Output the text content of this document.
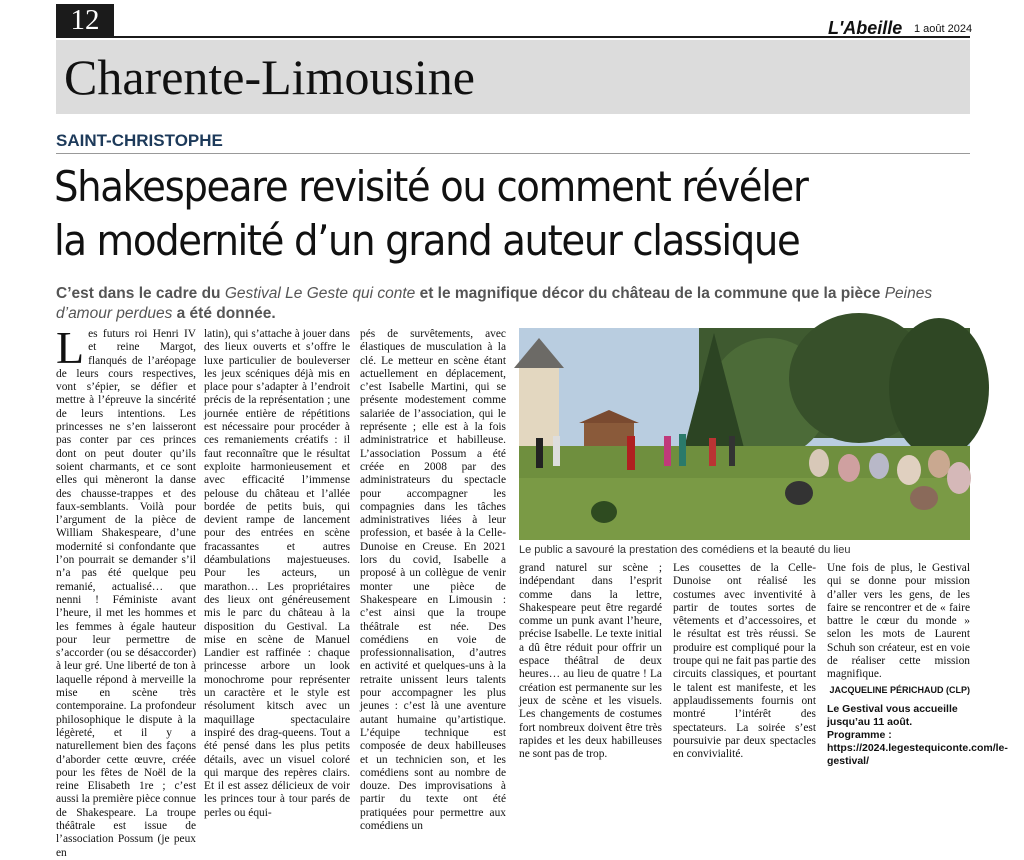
12	L'Abeille 1 août 2024
Charente-Limousine
SAINT-CHRISTOPHE
Shakespeare revisité ou comment révéler
la modernité d’un grand auteur classique

C’est dans le cadre du Gestival Le Geste qui conte et le magnifique décor du château de la commune que la pièce Peines d’amour perdues a été donnée.

Les futurs roi Henri IV et reine Margot, flanqués de l’aréopage de leurs cours respectives, vont s’épier, se défier et mettre à l’épreuve la sincérité de leurs intentions. Les princesses ne s’en laisseront pas conter par ces princes dont on peut douter qu’ils soient charmants, et ce sont elles qui mèneront la danse des chausse-trappes et des faux-semblants. Voilà pour l’argument de la pièce de William Shakespeare, d’une modernité si confondante que l’on pourrait se demander s’il n’a pas été quelque peu remanié, actualisé… que nenni ! Féministe avant l’heure, il met les hommes et les femmes à égale hauteur pour leur permettre de s’accorder (ou se désaccorder) à leur gré. Une liberté de ton à laquelle répond à merveille la mise en scène très contemporaine. La profondeur philosophique le dispute à la légèreté, et il y a naturellement bien des façons d’aborder cette œuvre, créée pour les fêtes de Noël de la reine Elisabeth 1re ; c’est aussi la première pièce connue de Shakespeare. La troupe théâtrale est issue de l’association Possum (je peux en
latin), qui s’attache à jouer dans des lieux ouverts et s’offre le luxe particulier de bouleverser les jeux scéniques déjà mis en place pour s’adapter à l’endroit précis de la représentation ; une journée entière de répétitions est nécessaire pour procéder à ces remaniements créatifs : il faut reconnaître que le résultat exploite harmonieusement et avec efficacité l’immense pelouse du château et l’allée bordée de petits buis, qui devient rampe de lancement pour des entrées en scène fracassantes et autres déambulations majestueuses. Pour les acteurs, un marathon… Les propriétaires des lieux ont généreusement mis le parc du château à la disposition du Gestival. La mise en scène de Manuel Landier est raffinée : chaque princesse arbore un look monochrome pour représenter un caractère et le style est résolument kitsch avec un maquillage spectaculaire inspiré des drag-queens. Tout a été pensé dans les plus petits détails, avec un visuel coloré qui marque des repères clairs. Et il est assez délicieux de voir les princes tour à tour parés de perles ou équi-
pés de survêtements, avec élastiques de musculation à la clé. Le metteur en scène étant actuellement en déplacement, c’est Isabelle Martini, qui se présente modestement comme salariée de l’association, qui le représente ; elle est à la fois administratrice et habilleuse. L’association Possum a été créée en 2008 par des administrateurs du spectacle pour accompagner les compagnies dans les tâches administratives liées à leur profession, et basée à la Celle-Dunoise en Creuse. En 2021 lors du covid, Isabelle a proposé à un collègue de venir monter une pièce de Shakespeare en Limousin : c’est ainsi que la troupe théâtrale est née. Des comédiens en voie de professionnalisation, d’autres en activité et quelques-uns à la retraite unissent leurs talents pour accompagner les plus jeunes : c’est là une aventure autant humaine qu’artistique. L’équipe technique est composée de deux habilleuses et un technicien son, et les comédiens sont au nombre de douze. Des improvisations à partir du texte ont été pratiquées pour permettre aux comédiens un
Le public a savouré la prestation des comédiens et la beauté du lieu
grand naturel sur scène ; indépendant dans l’esprit comme dans la lettre, Shakespeare peut être regardé comme un punk avant l’heure, précise Isabelle. Le texte initial a dû être réduit pour offrir un espace théâtral de deux heures… au lieu de quatre ! La création est permanente sur les jeux de scène et les visuels. Les changements de costumes fort nombreux doivent être très rapides et les deux habilleuses ne sont pas de trop.
Les cousettes de la Celle-Dunoise ont réalisé les costumes avec inventivité à partir de toutes sortes de vêtements et d’accessoires, et le résultat est très réussi. Se produire est compliqué pour la troupe qui ne fait pas partie des circuits classiques, et pourtant le talent est manifeste, et les applaudissements fournis ont montré l’intérêt des spectateurs. La soirée s’est poursuivie par deux spectacles en convivialité.
Une fois de plus, le Gestival qui se donne pour mission d’aller vers les gens, de les faire se rencontrer et de « faire battre le cœur du monde » selon les mots de Laurent Schuh son créateur, est en voie de réaliser cette mission magnifique.
JACQUELINE PÉRICHAUD (CLP)
Le Gestival vous accueille jusqu’au 11 août. Programme : https://2024.legestequiconte.com/le-gestival/
